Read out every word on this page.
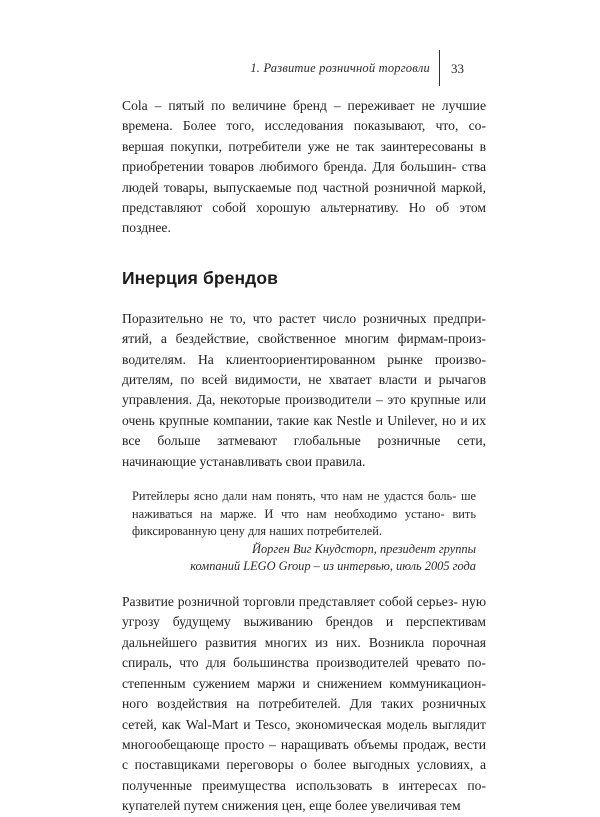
1. Развитие розничной торговли 33

Cola – пятый по величине бренд – переживает не лучшие времена. Более того, исследования показывают, что, со- вершая покупки, потребители уже не так заинтересованы в приобретении товаров любимого бренда. Для большин- ства людей товары, выпускаемые под частной розничной маркой, представляют собой хорошую альтернативу. Но об этом позднее.

Инерция брендов

Поразительно не то, что растет число розничных предпри- ятий, а бездействие, свойственное многим фирмам-произ- водителям. На клиентоориентированном рынке произво- дителям, по всей видимости, не хватает власти и рычагов управления. Да, некоторые производители – это крупные или очень крупные компании, такие как Nestle и Unilever, но и их все больше затмевают глобальные розничные сети, начинающие устанавливать свои правила.

Ритейлеры ясно дали нам понять, что нам не удастся боль- ше наживаться на марже. И что нам необходимо устано- вить фиксированную цену для наших потребителей.

Йорген Виг Кнудсторп, президент группы
компаний LEGO Group – из интервью, июль 2005 года

Развитие розничной торговли представляет собой серьез- ную угрозу будущему выживанию брендов и перспективам дальнейшего развития многих из них. Возникла порочная спираль, что для большинства производителей чревато по- степенным сужением маржи и снижением коммуникацион- ного воздействия на потребителей. Для таких розничных сетей, как Wal-Mart и Tesco, экономическая модель выглядит многообещающе просто – наращивать объемы продаж, вести с поставщиками переговоры о более выгодных условиях, а полученные преимущества использовать в интересах по- купателей путем снижения цен, еще более увеличивая тем
